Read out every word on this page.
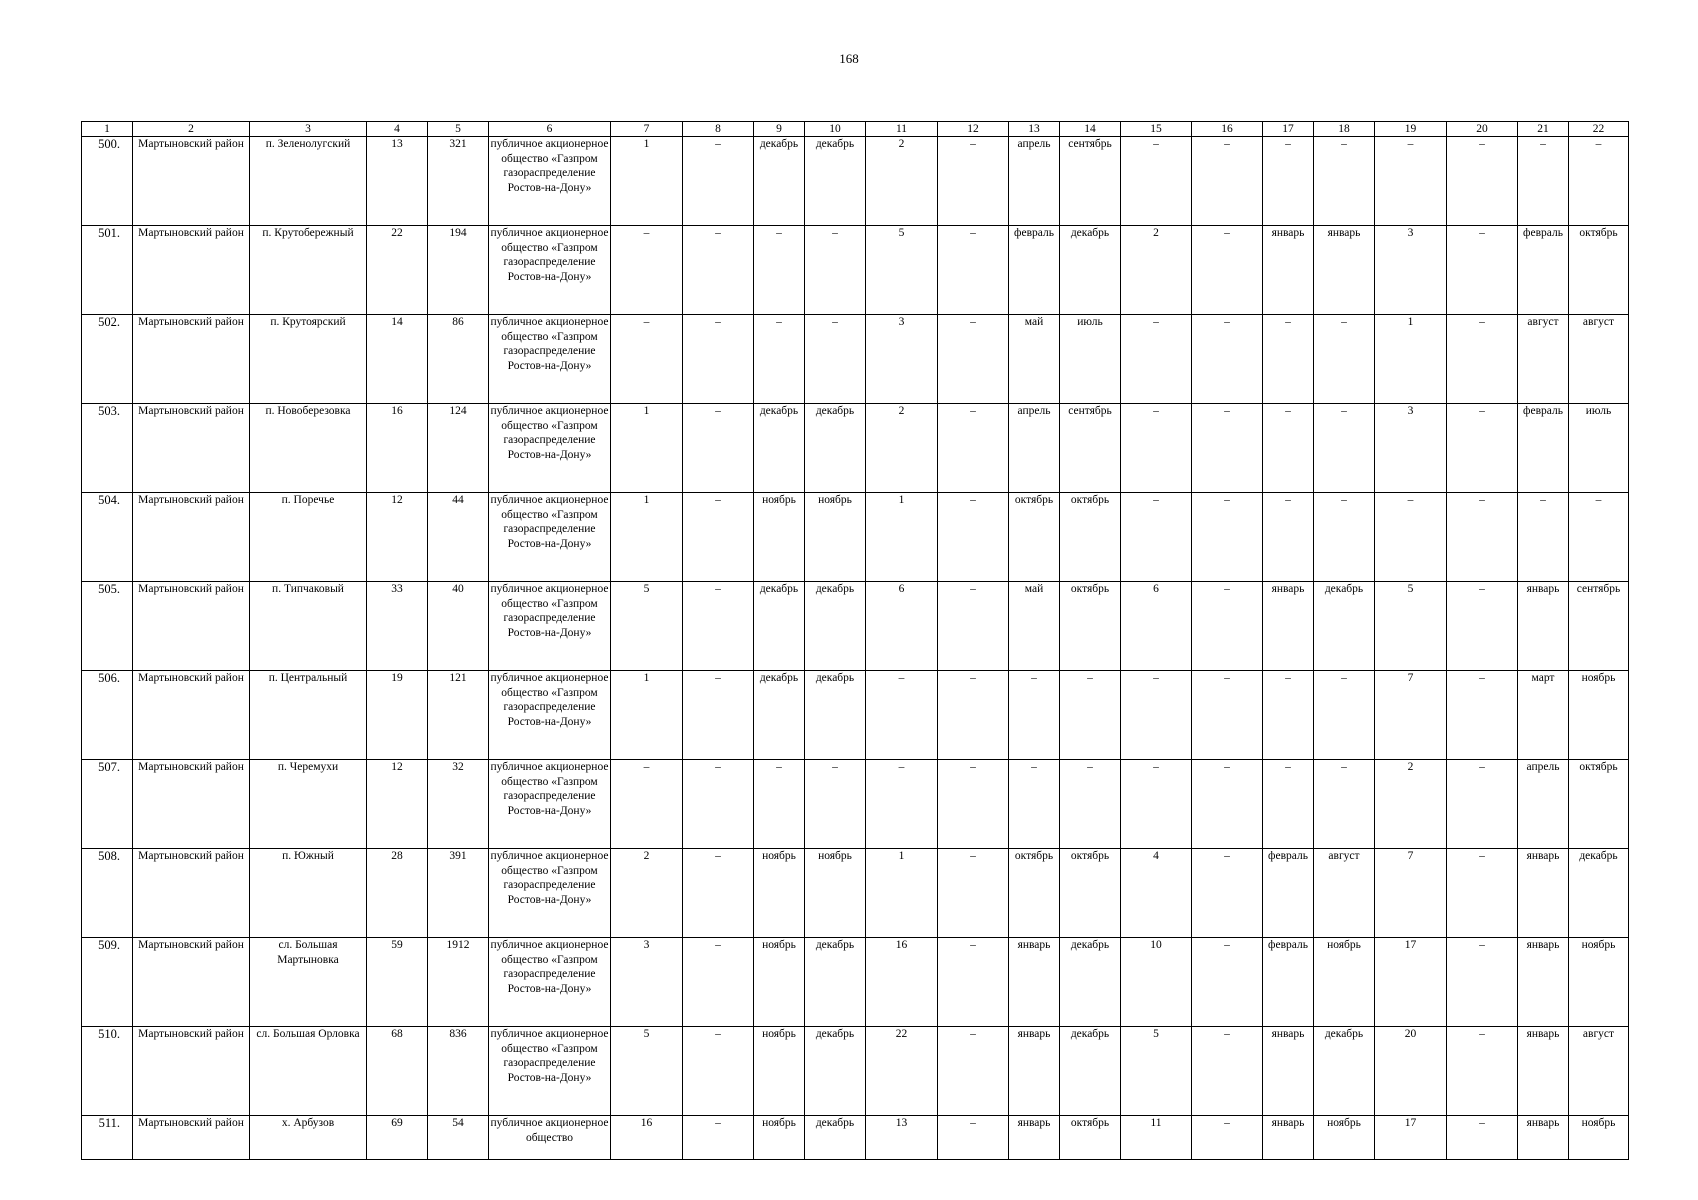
168
1	2	3	4	5	6	7	8	9	10	11	12	13	14	15	16	17	18	19	20	21	22
500.	Мартыновский район	п. Зеленолугский	13	321	публичное акционерное общество «Газпром газораспределение Ростов-на-Дону»	1	–	декабрь	декабрь	2	–	апрель	сентябрь	–	–	–	–	–	–	–	–
501.	Мартыновский район	п. Крутобережный	22	194	публичное акционерное общество «Газпром газораспределение Ростов-на-Дону»	–	–	–	–	5	–	февраль	декабрь	2	–	январь	январь	3	–	февраль	октябрь
502.	Мартыновский район	п. Крутоярский	14	86	публичное акционерное общество «Газпром газораспределение Ростов-на-Дону»	–	–	–	–	3	–	май	июль	–	–	–	–	1	–	август	август
503.	Мартыновский район	п. Новоберезовка	16	124	публичное акционерное общество «Газпром газораспределение Ростов-на-Дону»	1	–	декабрь	декабрь	2	–	апрель	сентябрь	–	–	–	–	3	–	февраль	июль
504.	Мартыновский район	п. Поречье	12	44	публичное акционерное общество «Газпром газораспределение Ростов-на-Дону»	1	–	ноябрь	ноябрь	1	–	октябрь	октябрь	–	–	–	–	–	–	–	–
505.	Мартыновский район	п. Типчаковый	33	40	публичное акционерное общество «Газпром газораспределение Ростов-на-Дону»	5	–	декабрь	декабрь	6	–	май	октябрь	6	–	январь	декабрь	5	–	январь	сентябрь
506.	Мартыновский район	п. Центральный	19	121	публичное акционерное общество «Газпром газораспределение Ростов-на-Дону»	1	–	декабрь	декабрь	–	–	–	–	–	–	–	–	7	–	март	ноябрь
507.	Мартыновский район	п. Черемухи	12	32	публичное акционерное общество «Газпром газораспределение Ростов-на-Дону»	–	–	–	–	–	–	–	–	–	–	–	–	2	–	апрель	октябрь
508.	Мартыновский район	п. Южный	28	391	публичное акционерное общество «Газпром газораспределение Ростов-на-Дону»	2	–	ноябрь	ноябрь	1	–	октябрь	октябрь	4	–	февраль	август	7	–	январь	декабрь
509.	Мартыновский район	сл. Большая Мартыновка	59	1912	публичное акционерное общество «Газпром газораспределение Ростов-на-Дону»	3	–	ноябрь	декабрь	16	–	январь	декабрь	10	–	февраль	ноябрь	17	–	январь	ноябрь
510.	Мартыновский район	сл. Большая Орловка	68	836	публичное акционерное общество «Газпром газораспределение Ростов-на-Дону»	5	–	ноябрь	декабрь	22	–	январь	декабрь	5	–	январь	декабрь	20	–	январь	август
511.	Мартыновский район	х. Арбузов	69	54	публичное акционерное общество	16	–	ноябрь	декабрь	13	–	январь	октябрь	11	–	январь	ноябрь	17	–	январь	ноябрь
